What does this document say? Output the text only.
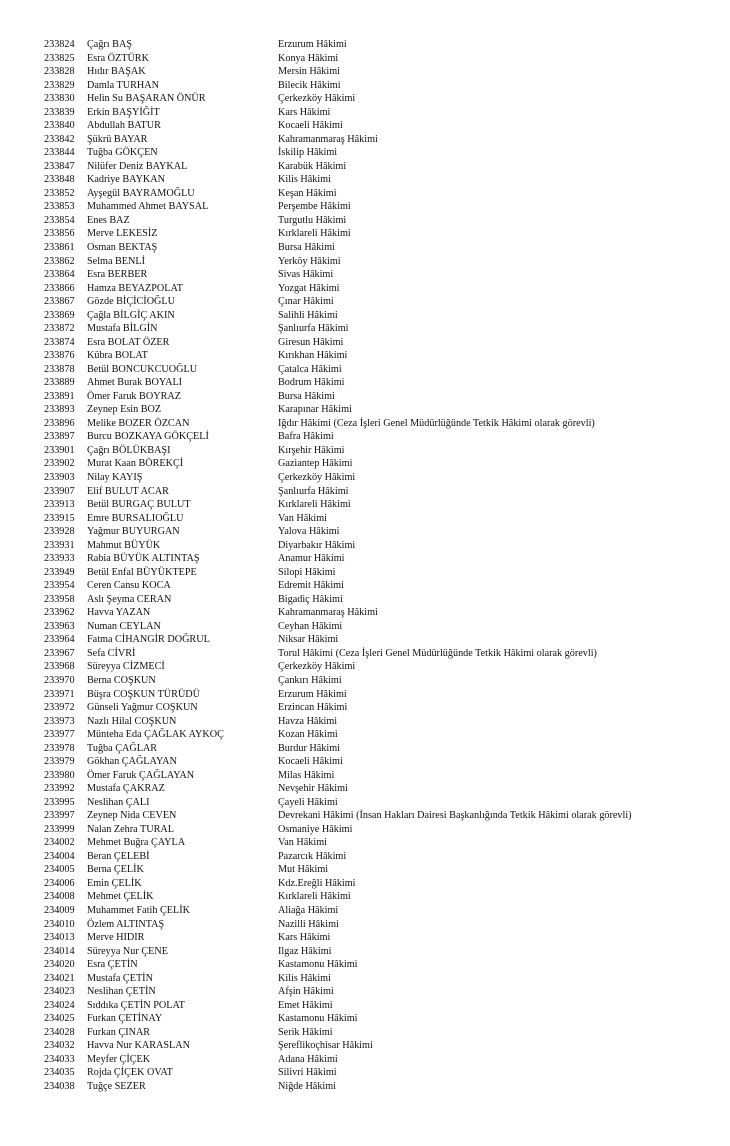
233824 Çağrı BAŞ	Erzurum Hâkimi
233825 Esra ÖZTÜRK	Konya Hâkimi
233828 Hıdır BAŞAK	Mersin Hâkimi
233829 Damla TURHAN	Bilecik Hâkimi
233830 Helin Su BAŞARAN ÖNÜR	Çerkezköy Hâkimi
233839 Erkin BAŞYİĞİT	Kars Hâkimi
233840 Abdullah BATUR	Kocaeli Hâkimi
233842 Şükrü BAYAR	Kahramanmaraş Hâkimi
233844 Tuğba GÖKÇEN	İskilip Hâkimi
233847 Nilüfer Deniz BAYKAL	Karabük Hâkimi
233848 Kadriye BAYKAN	Kilis Hâkimi
233852 Ayşegül BAYRAMOĞLU	Keşan Hâkimi
233853 Muhammed Ahmet BAYSAL	Perşembe Hâkimi
233854 Enes BAZ	Turgutlu Hâkimi
233856 Merve LEKESİZ	Kırklareli Hâkimi
233861 Osman BEKTAŞ	Bursa Hâkimi
233862 Selma BENLİ	Yerköy Hâkimi
233864 Esra BERBER	Sivas Hâkimi
233866 Hamza BEYAZPOLAT	Yozgat Hâkimi
233867 Gözde BİÇİCİOĞLU	Çınar Hâkimi
233869 Çağla BİLGİÇ AKIN	Salihli Hâkimi
233872 Mustafa BİLGİN	Şanlıurfa Hâkimi
233874 Esra BOLAT ÖZER	Giresun Hâkimi
233876 Kübra BOLAT	Kırıkhan Hâkimi
233878 Betül BONCUKCUOĞLU	Çatalca Hâkimi
233889 Ahmet Burak BOYALI	Bodrum Hâkimi
233891 Ömer Faruk BOYRAZ	Bursa Hâkimi
233893 Zeynep Esin BOZ	Karapınar Hâkimi
233896 Melike BOZER ÖZCAN	Iğdır Hâkimi (Ceza İşleri Genel Müdürlüğünde Tetkik Hâkimi olarak görevli)
233897 Burcu BOZKAYA GÖKÇELİ	Bafra Hâkimi
233901 Çağrı BÖLÜKBAŞI	Kırşehir Hâkimi
233902 Murat Kaan BÖREKÇİ	Gaziantep Hâkimi
233903 Nilay KAYIŞ	Çerkezköy Hâkimi
233907 Elif BULUT ACAR	Şanlıurfa Hâkimi
233913 Betül BURGAÇ BULUT	Kırklareli Hâkimi
233915 Emre BURSALIOĞLU	Van Hâkimi
233928 Yağmur BUYURGAN	Yalova Hâkimi
233931 Mahmut BÜYÜK	Diyarbakır Hâkimi
233933 Rabia BÜYÜK ALTINTAŞ	Anamur Hâkimi
233949 Betül Enfal BÜYÜKTEPE	Silopi Hâkimi
233954 Ceren Cansu KOCA	Edremit Hâkimi
233958 Aslı Şeyma CERAN	Bigadiç Hâkimi
233962 Havva YAZAN	Kahramanmaraş Hâkimi
233963 Numan CEYLAN	Ceyhan Hâkimi
233964 Fatma CİHANGİR DOĞRUL	Niksar Hâkimi
233967 Sefa CİVRİ	Torul Hâkimi (Ceza İşleri Genel Müdürlüğünde Tetkik Hâkimi olarak görevli)
233968 Süreyya CİZMECİ	Çerkezköy Hâkimi
233970 Berna COŞKUN	Çankırı Hâkimi
233971 Büşra COŞKUN TÜRÜDÜ	Erzurum Hâkimi
233972 Günseli Yağmur COŞKUN	Erzincan Hâkimi
233973 Nazlı Hilal COŞKUN	Havza Hâkimi
233977 Münteha Eda ÇAĞLAK AYKOÇ	Kozan Hâkimi
233978 Tuğba ÇAĞLAR	Burdur Hâkimi
233979 Gökhan ÇAĞLAYAN	Kocaeli Hâkimi
233980 Ömer Faruk ÇAĞLAYAN	Milas Hâkimi
233992 Mustafa ÇAKRAZ	Nevşehir Hâkimi
233995 Neslihan ÇALI	Çayeli Hâkimi
233997 Zeynep Nida CEVEN	Devrekani Hâkimi (İnsan Hakları Dairesi Başkanlığında Tetkik Hâkimi olarak görevli)
233999 Nalan Zehra TURAL	Osmaniye Hâkimi
234002 Mehmet Buğra ÇAYLA	Van Hâkimi
234004 Beran ÇELEBİ	Pazarcık Hâkimi
234005 Berna ÇELİK	Mut Hâkimi
234006 Emin ÇELİK	Kdz.Ereğli Hâkimi
234008 Mehmet ÇELİK	Kırklareli Hâkimi
234009 Muhammet Fatih ÇELİK	Aliağa Hâkimi
234010 Özlem ALTINTAŞ	Nazilli Hâkimi
234013 Merve HIDIR	Kars Hâkimi
234014 Süreyya Nur ÇENE	Ilgaz Hâkimi
234020 Esra ÇETİN	Kastamonu Hâkimi
234021 Mustafa ÇETİN	Kilis Hâkimi
234023 Neslihan ÇETİN	Afşin Hâkimi
234024 Sıddıka ÇETİN POLAT	Emet Hâkimi
234025 Furkan ÇETİNAY	Kastamonu Hâkimi
234028 Furkan ÇINAR	Serik Hâkimi
234032 Havva Nur KARASLAN	Şereflikoçhisar Hâkimi
234033 Meyfer ÇİÇEK	Adana Hâkimi
234035 Rojda ÇİÇEK OVAT	Silivri Hâkimi
234038 Tuğçe SEZER	Niğde Hâkimi
